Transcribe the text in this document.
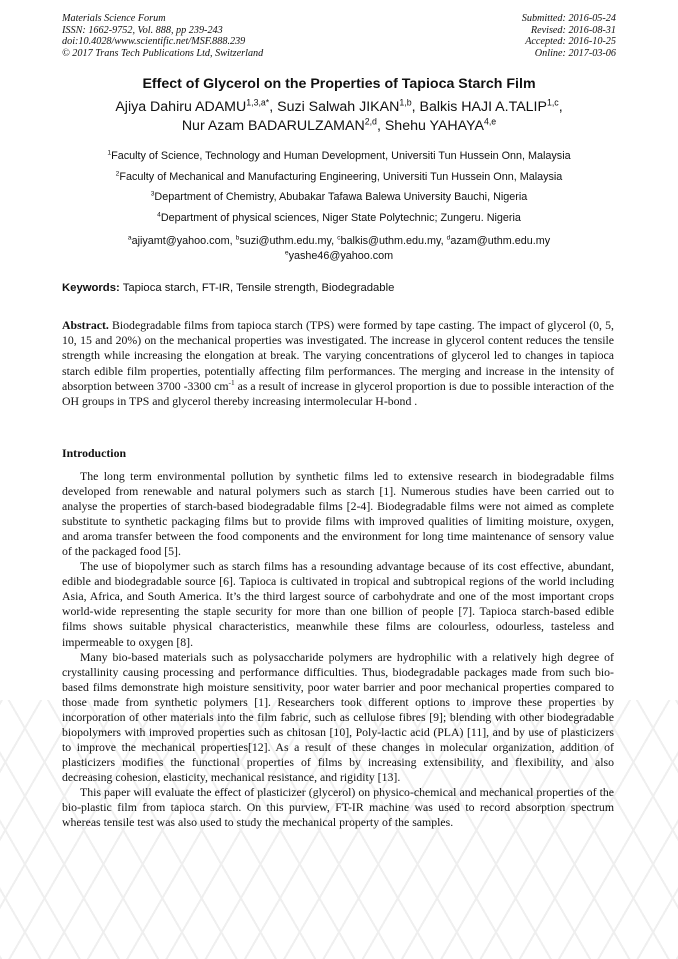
Materials Science Forum
ISSN: 1662-9752, Vol. 888, pp 239-243
doi:10.4028/www.scientific.net/MSF.888.239
© 2017 Trans Tech Publications Ltd, Switzerland
Submitted: 2016-05-24
Revised: 2016-08-31
Accepted: 2016-10-25
Online: 2017-03-06
Effect of Glycerol on the Properties of Tapioca Starch Film
Ajiya Dahiru $ADAMU^{1,3,a*}$, Suzi Salwah JIKAN$^{1,b}$, Balkis HAJI A.TALIP$^{1,c}$,
Nur Azam BADARULZAMAN$^{2,d}$, Shehu YAHAYA$^{4,e}$
$^1$Faculty of Science, Technology and Human Development, Universiti Tun Hussein Onn, Malaysia
$^2$Faculty of Mechanical and Manufacturing Engineering, Universiti Tun Hussein Onn, Malaysia
$^3$Department of Chemistry, Abubakar Tafawa Balewa University Bauchi, Nigeria
$^4$Department of physical sciences, Niger State Polytechnic; Zungeru. Nigeria
$^a$ajiyamt@yahoo.com, $^b$suzi@uthm.edu.my, $^c$balkis@uthm.edu.my, $^d$azam@uthm.edu.my
$^e$yashe46@yahoo.com
Keywords: Tapioca starch, FT-IR, Tensile strength, Biodegradable
Abstract. Biodegradable films from tapioca starch (TPS) were formed by tape casting. The impact of glycerol (0, 5, 10, 15 and 20%) on the mechanical properties was investigated. The increase in glycerol content reduces the tensile strength while increasing the elongation at break. The varying concentrations of glycerol led to changes in tapioca starch edible film properties, potentially affecting film performances. The merging and increase in the intensity of absorption between 3700 -3300 $cm^{-1}$ as a result of increase in glycerol proportion is due to possible interaction of the OH groups in TPS and glycerol thereby increasing intermolecular H-bond .
Introduction

The long term environmental pollution by synthetic films led to extensive research in biodegradable films developed from renewable and natural polymers such as starch [1]. Numerous studies have been carried out to analyse the properties of starch-based biodegradable films [2-4]. Biodegradable films were not aimed as complete substitute to synthetic packaging films but to provide films with improved qualities of limiting moisture, oxygen, and aroma transfer between the food components and the environment for long time maintenance of sensory value of the packaged food [5].

The use of biopolymer such as starch films has a resounding advantage because of its cost effective, abundant, edible and biodegradable source [6]. Tapioca is cultivated in tropical and subtropical regions of the world including Asia, Africa, and South America. It’s the third largest source of carbohydrate and one of the most important crops world-wide representing the staple security for more than one billion of people [7]. Tapioca starch-based edible films shows suitable physical characteristics, meanwhile these films are colourless, odourless, tasteless and impermeable to oxygen [8].

Many bio-based materials such as polysaccharide polymers are hydrophilic with a relatively high degree of crystallinity causing processing and performance difficulties. Thus, biodegradable packages made from such bio-based films demonstrate high moisture sensitivity, poor water barrier and poor mechanical properties compared to those made from synthetic polymers [1]. Researchers took different options to improve these properties by incorporation of other materials into the film fabric, such as cellulose fibres [9]; blending with other biodegradable biopolymers with improved properties such as chitosan [10], Poly-lactic acid (PLA) [11], and by use of plasticizers to improve the mechanical properties[12]. As a result of these changes in molecular organization, addition of plasticizers modifies the functional properties of films by increasing extensibility, and flexibility, and also decreasing cohesion, elasticity, mechanical resistance, and rigidity [13].

This paper will evaluate the effect of plasticizer (glycerol) on physico-chemical and mechanical properties of the bio-plastic film from tapioca starch. On this purview, FT-IR machine was used to record absorption spectrum whereas tensile test was also used to study the mechanical property of the samples.
